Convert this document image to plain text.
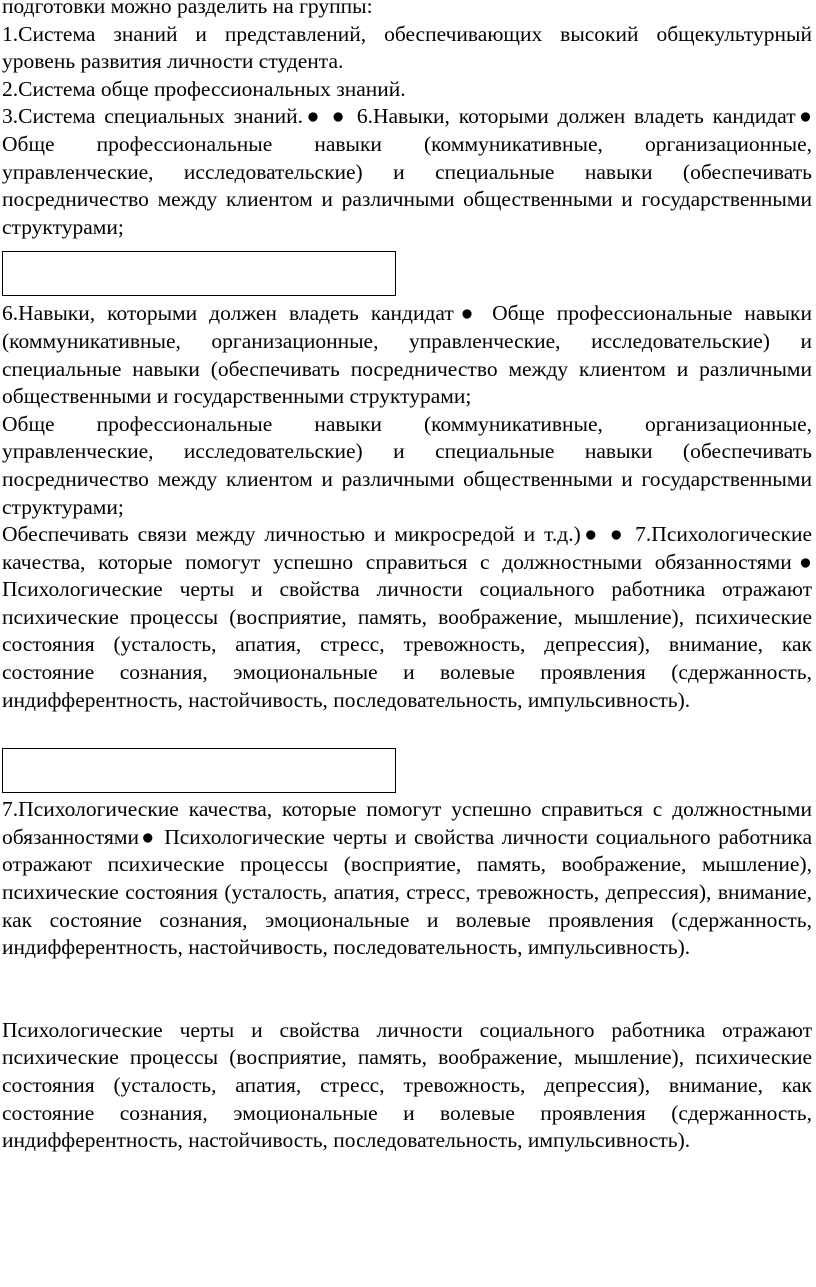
подготовки можно разделить на группы:

1.Система знаний и представлений, обеспечивающих высокий общекультурный уровень развития личности студента.

2.Система обще профессиональных знаний.

3.Система специальных знаний.● ● 6.Навыки, которыми должен владеть кандидат● Обще профессиональные навыки (коммуникативные, организационные, управленческие, исследовательские) и специальные навыки (обеспечивать посредничество между клиентом и различными общественными и государственными структурами;

6.Навыки, которыми должен владеть кандидат● Обще профессиональные навыки (коммуникативные, организационные, управленческие, исследовательские) и специальные навыки (обеспечивать посредничество между клиентом и различными общественными и государственными структурами;

Обще профессиональные навыки (коммуникативные, организационные, управленческие, исследовательские) и специальные навыки (обеспечивать посредничество между клиентом и различными общественными и государственными структурами;

Обеспечивать связи между личностью и микросредой и т.д.)● ● 7.Психологические качества, которые помогут успешно справиться с должностными обязанностями● Психологические черты и свойства личности социального работника отражают психические процессы (восприятие, память, воображение, мышление), психические состояния (усталость, апатия, стресс, тревожность, депрессия), внимание, как состояние сознания, эмоциональные и волевые проявления (сдержанность, индифферентность, настойчивость, последовательность, импульсивность).

7.Психологические качества, которые помогут успешно справиться с должностными обязанностями● Психологические черты и свойства личности социального работника отражают психические процессы (восприятие, память, воображение, мышление), психические состояния (усталость, апатия, стресс, тревожность, депрессия), внимание, как состояние сознания, эмоциональные и волевые проявления (сдержанность, индифферентность, настойчивость, последовательность, импульсивность).

Психологические черты и свойства личности социального работника отражают психические процессы (восприятие, память, воображение, мышление), психические состояния (усталость, апатия, стресс, тревожность, депрессия), внимание, как состояние сознания, эмоциональные и волевые проявления (сдержанность, индифферентность, настойчивость, последовательность, импульсивность).
